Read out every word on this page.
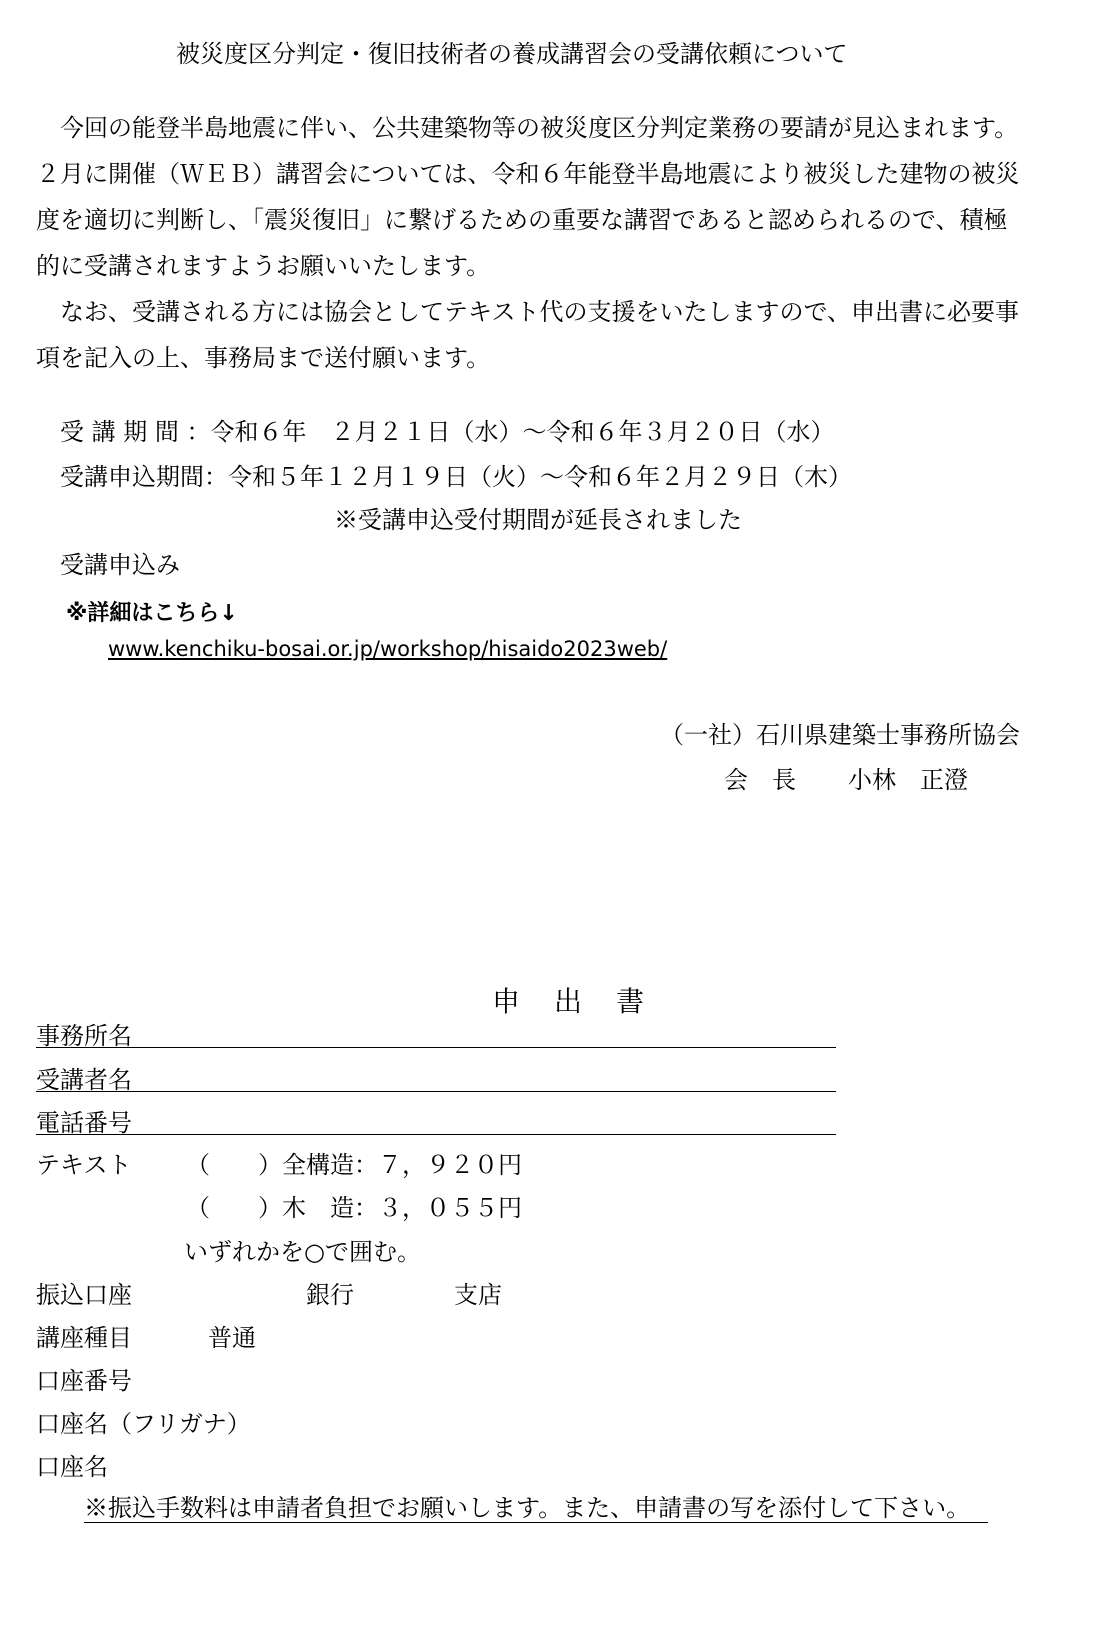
被災度区分判定・復旧技術者の養成講習会の受講依頼について

今回の能登半島地震に伴い、公共建築物等の被災度区分判定業務の要請が見込まれます。

２月に開催（ＷＥＢ）講習会については、令和６年能登半島地震により被災した建物の被災

度を適切に判断し、「震災復旧」に繋げるための重要な講習であると認められるので、積極

的に受講されますようお願いいたします。

なお、受講される方には協会としてテキスト代の支援をいたしますので、申出書に必要事

項を記入の上、事務局まで送付願います。

受 講 期 間 ：令和６年　２月２１日（水）～令和６年３月２０日（水）
受講申込期間：令和５年１２月１９日（火）～令和６年２月２９日（木）
※受講申込受付期間が延長されました
受講申込み
※詳細はこちら↓
www.kenchiku-bosai.or.jp/workshop/hisaido2023web/
（一社）石川県建築士事務所協会
会　長 小林　正澄
申出書
事務所名
受講者名
電話番号
テキスト （　　） 全構造：７，９２０円
（　　） 木　造：３，０５５円
いずれかを○で囲む。
振込口座	銀行	支店
講座種目	普通
口座番号
口座名（フリガナ）
口座名
※振込手数料は申請者負担でお願いします。また、申請書の写を添付して下さい。
